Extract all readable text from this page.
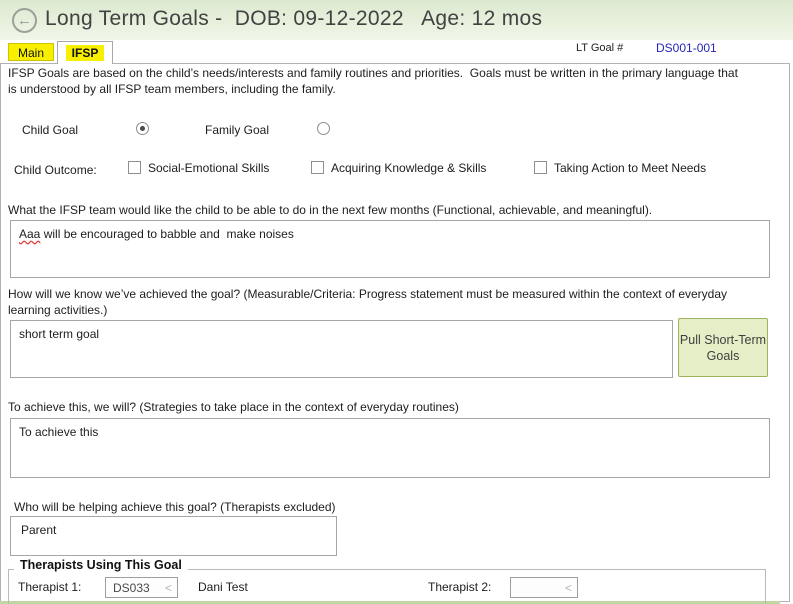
← Long Term Goals -  DOB: 09-12-2022   Age: 12 mos
Main	IFSP	LT Goal #	DS001-001
IFSP Goals are based on the child’s needs/interests and family routines and priorities.  Goals must be written in the primary language that is understood by all IFSP team members, including the family.
Child Goal
	Family Goal
Child Outcome:	Social-Emotional Skills	Acquiring Knowledge & Skills	Taking Action to Meet Needs
What the IFSP team would like the child to be able to do in the next few months (Functional, achievable, and meaningful).
Aaa will be encouraged to babble and  make noises
How will we know we’ve achieved the goal? (Measurable/Criteria: Progress statement must be measured within the context of everyday learning activities.)
short term goal	Pull Short-Term Goals
To achieve this, we will? (Strategies to take place in the context of everyday routines)
To achieve this
Who will be helping achieve this goal? (Therapists excluded)
Parent
Therapists Using This Goal
Therapist 1:	DS033	<	Dani Test	Therapist 2:	<
